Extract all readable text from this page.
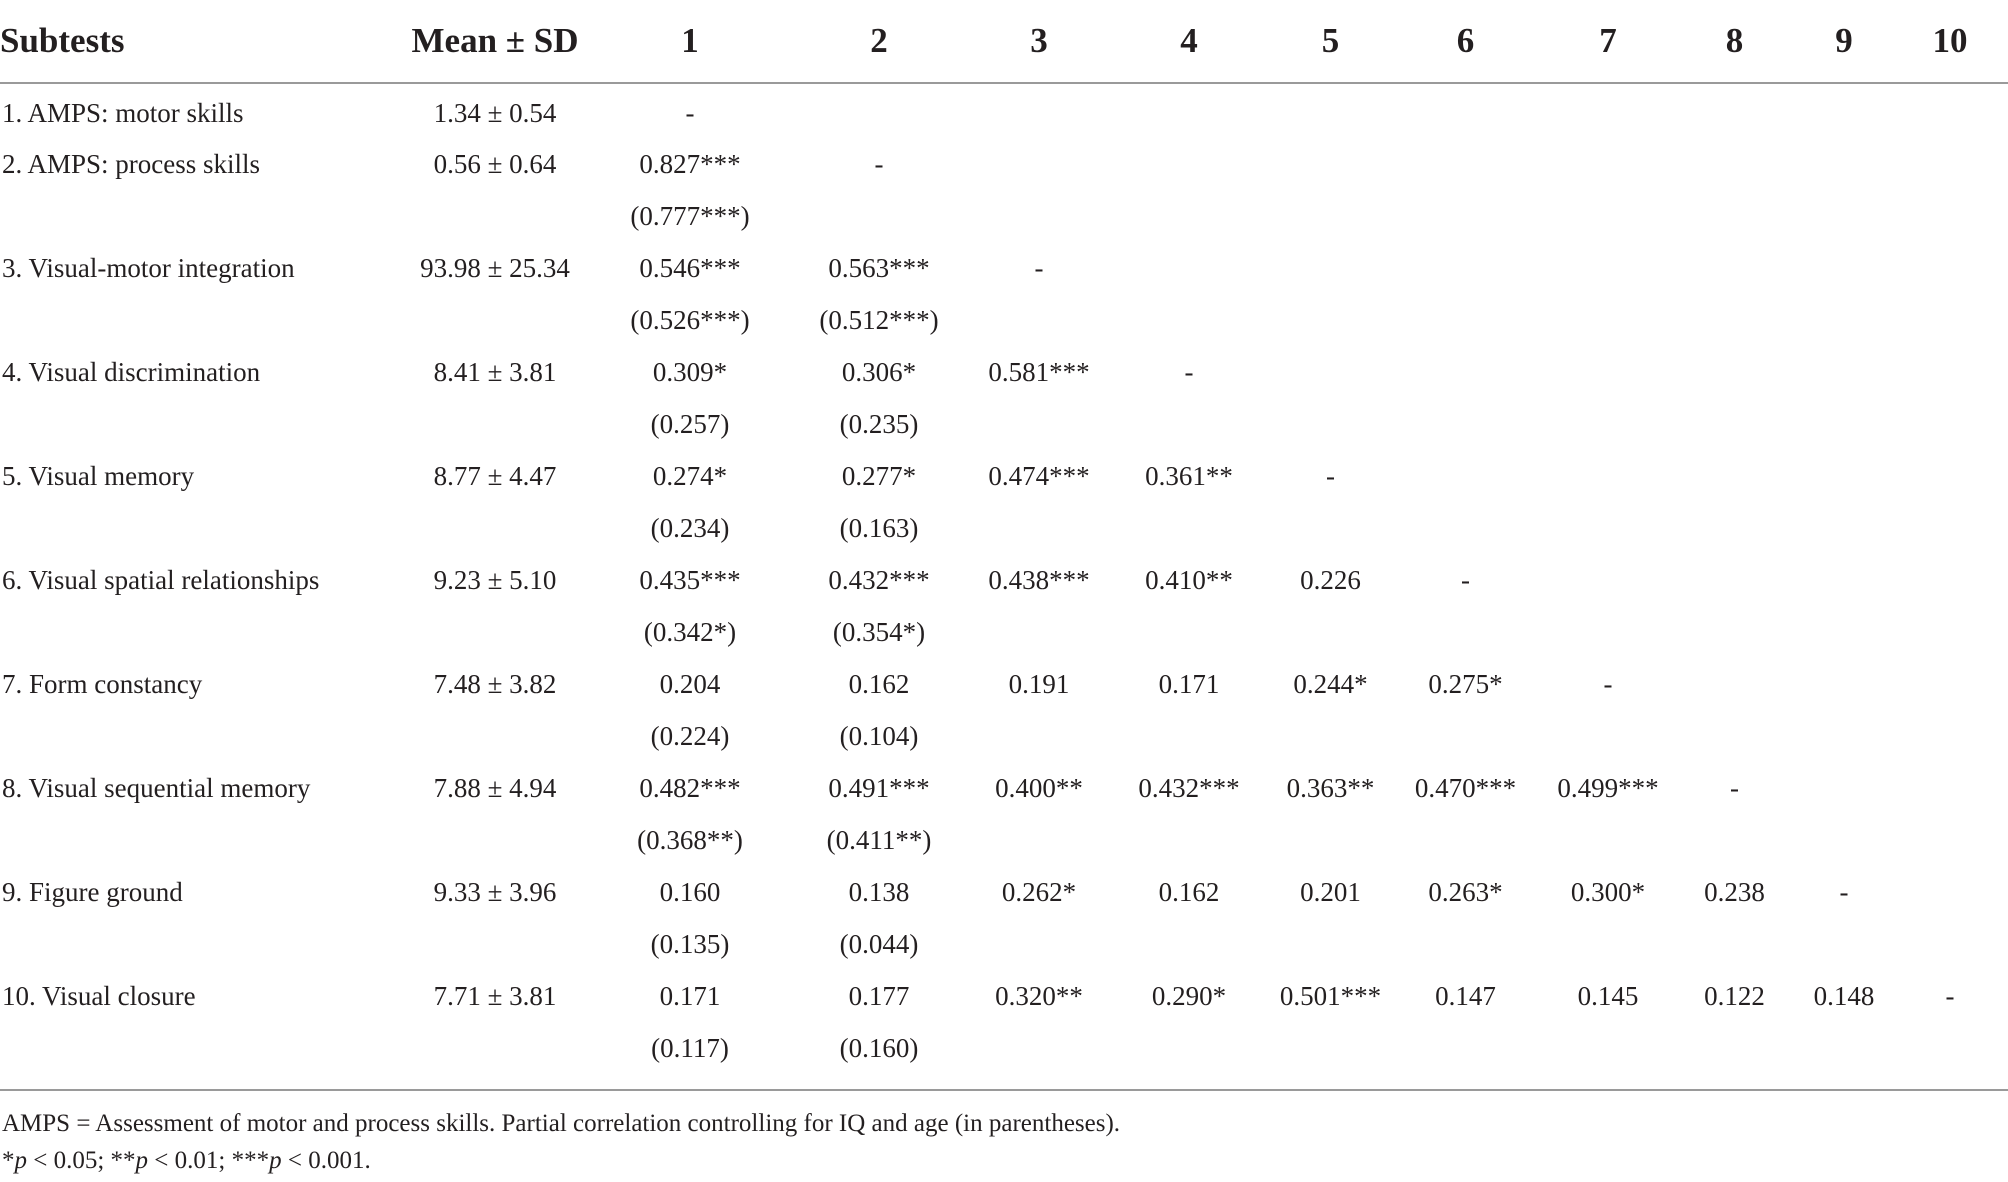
Subtests	Mean ± SD	1	2	3	4	5	6	7	8	9	10
1. AMPS: motor skills	1.34 ± 0.54	-									
2. AMPS: process skills	0.56 ± 0.64	0.827***	-								
		(0.777***)									
3. Visual-motor integration	93.98 ± 25.34	0.546***	0.563***	-							
		(0.526***)	(0.512***)								
4. Visual discrimination	8.41 ± 3.81	0.309*	0.306*	0.581***	-						
		(0.257)	(0.235)								
5. Visual memory	8.77 ± 4.47	0.274*	0.277*	0.474***	0.361**	-					
		(0.234)	(0.163)								
6. Visual spatial relationships	9.23 ± 5.10	0.435***	0.432***	0.438***	0.410**	0.226	-				
		(0.342*)	(0.354*)								
7. Form constancy	7.48 ± 3.82	0.204	0.162	0.191	0.171	0.244*	0.275*	-			
		(0.224)	(0.104)								
8. Visual sequential memory	7.88 ± 4.94	0.482***	0.491***	0.400**	0.432***	0.363**	0.470***	0.499***	-		
		(0.368**)	(0.411**)								
9. Figure ground	9.33 ± 3.96	0.160	0.138	0.262*	0.162	0.201	0.263*	0.300*	0.238	-	
		(0.135)	(0.044)								
10. Visual closure	7.71 ± 3.81	0.171	0.177	0.320**	0.290*	0.501***	0.147	0.145	0.122	0.148	-
		(0.117)	(0.160)								
AMPS = Assessment of motor and process skills. Partial correlation controlling for IQ and age (in parentheses).
*p < 0.05; **p < 0.01; ***p < 0.001.
